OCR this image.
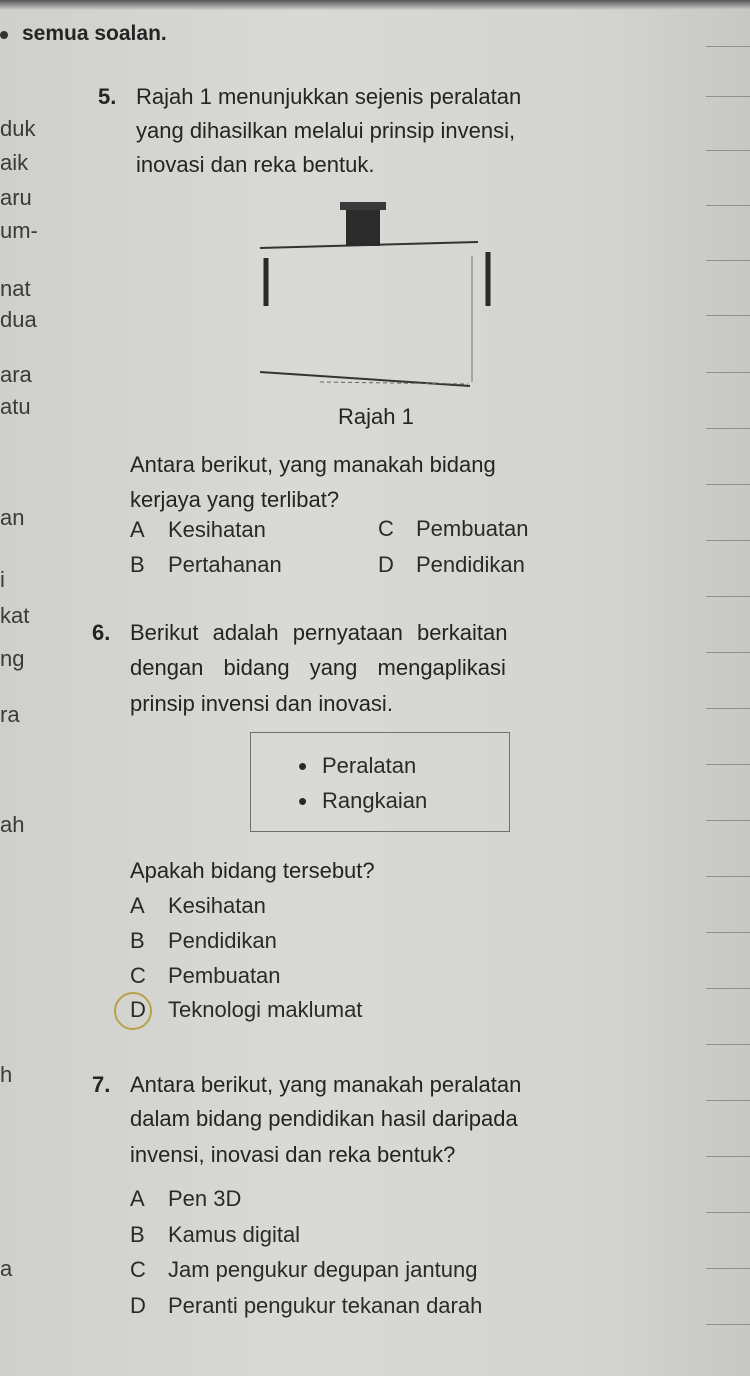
semua soalan.
duk
aik
aru
um-
nat
dua
ara
atu
an
i
kat
ng
ra
ah
h
a
5. Rajah 1 menunjukkan sejenis peralatan
yang dihasilkan melalui prinsip invensi,
inovasi dan reka bentuk.
Rajah 1
Antara berikut, yang manakah bidang
kerjaya yang terlibat?
A Kesihatan	C Pembuatan
B Pertahanan	D Pendidikan
6. Berikut adalah pernyataan berkaitan
dengan bidang yang mengaplikasi
prinsip invensi dan inovasi.
• Peralatan
• Rangkaian
Apakah bidang tersebut?
A Kesihatan
B Pendidikan
C Pembuatan
D Teknologi maklumat
7. Antara berikut, yang manakah peralatan
dalam bidang pendidikan hasil daripada
invensi, inovasi dan reka bentuk?
A Pen 3D
B Kamus digital
C Jam pengukur degupan jantung
D Peranti pengukur tekanan darah
